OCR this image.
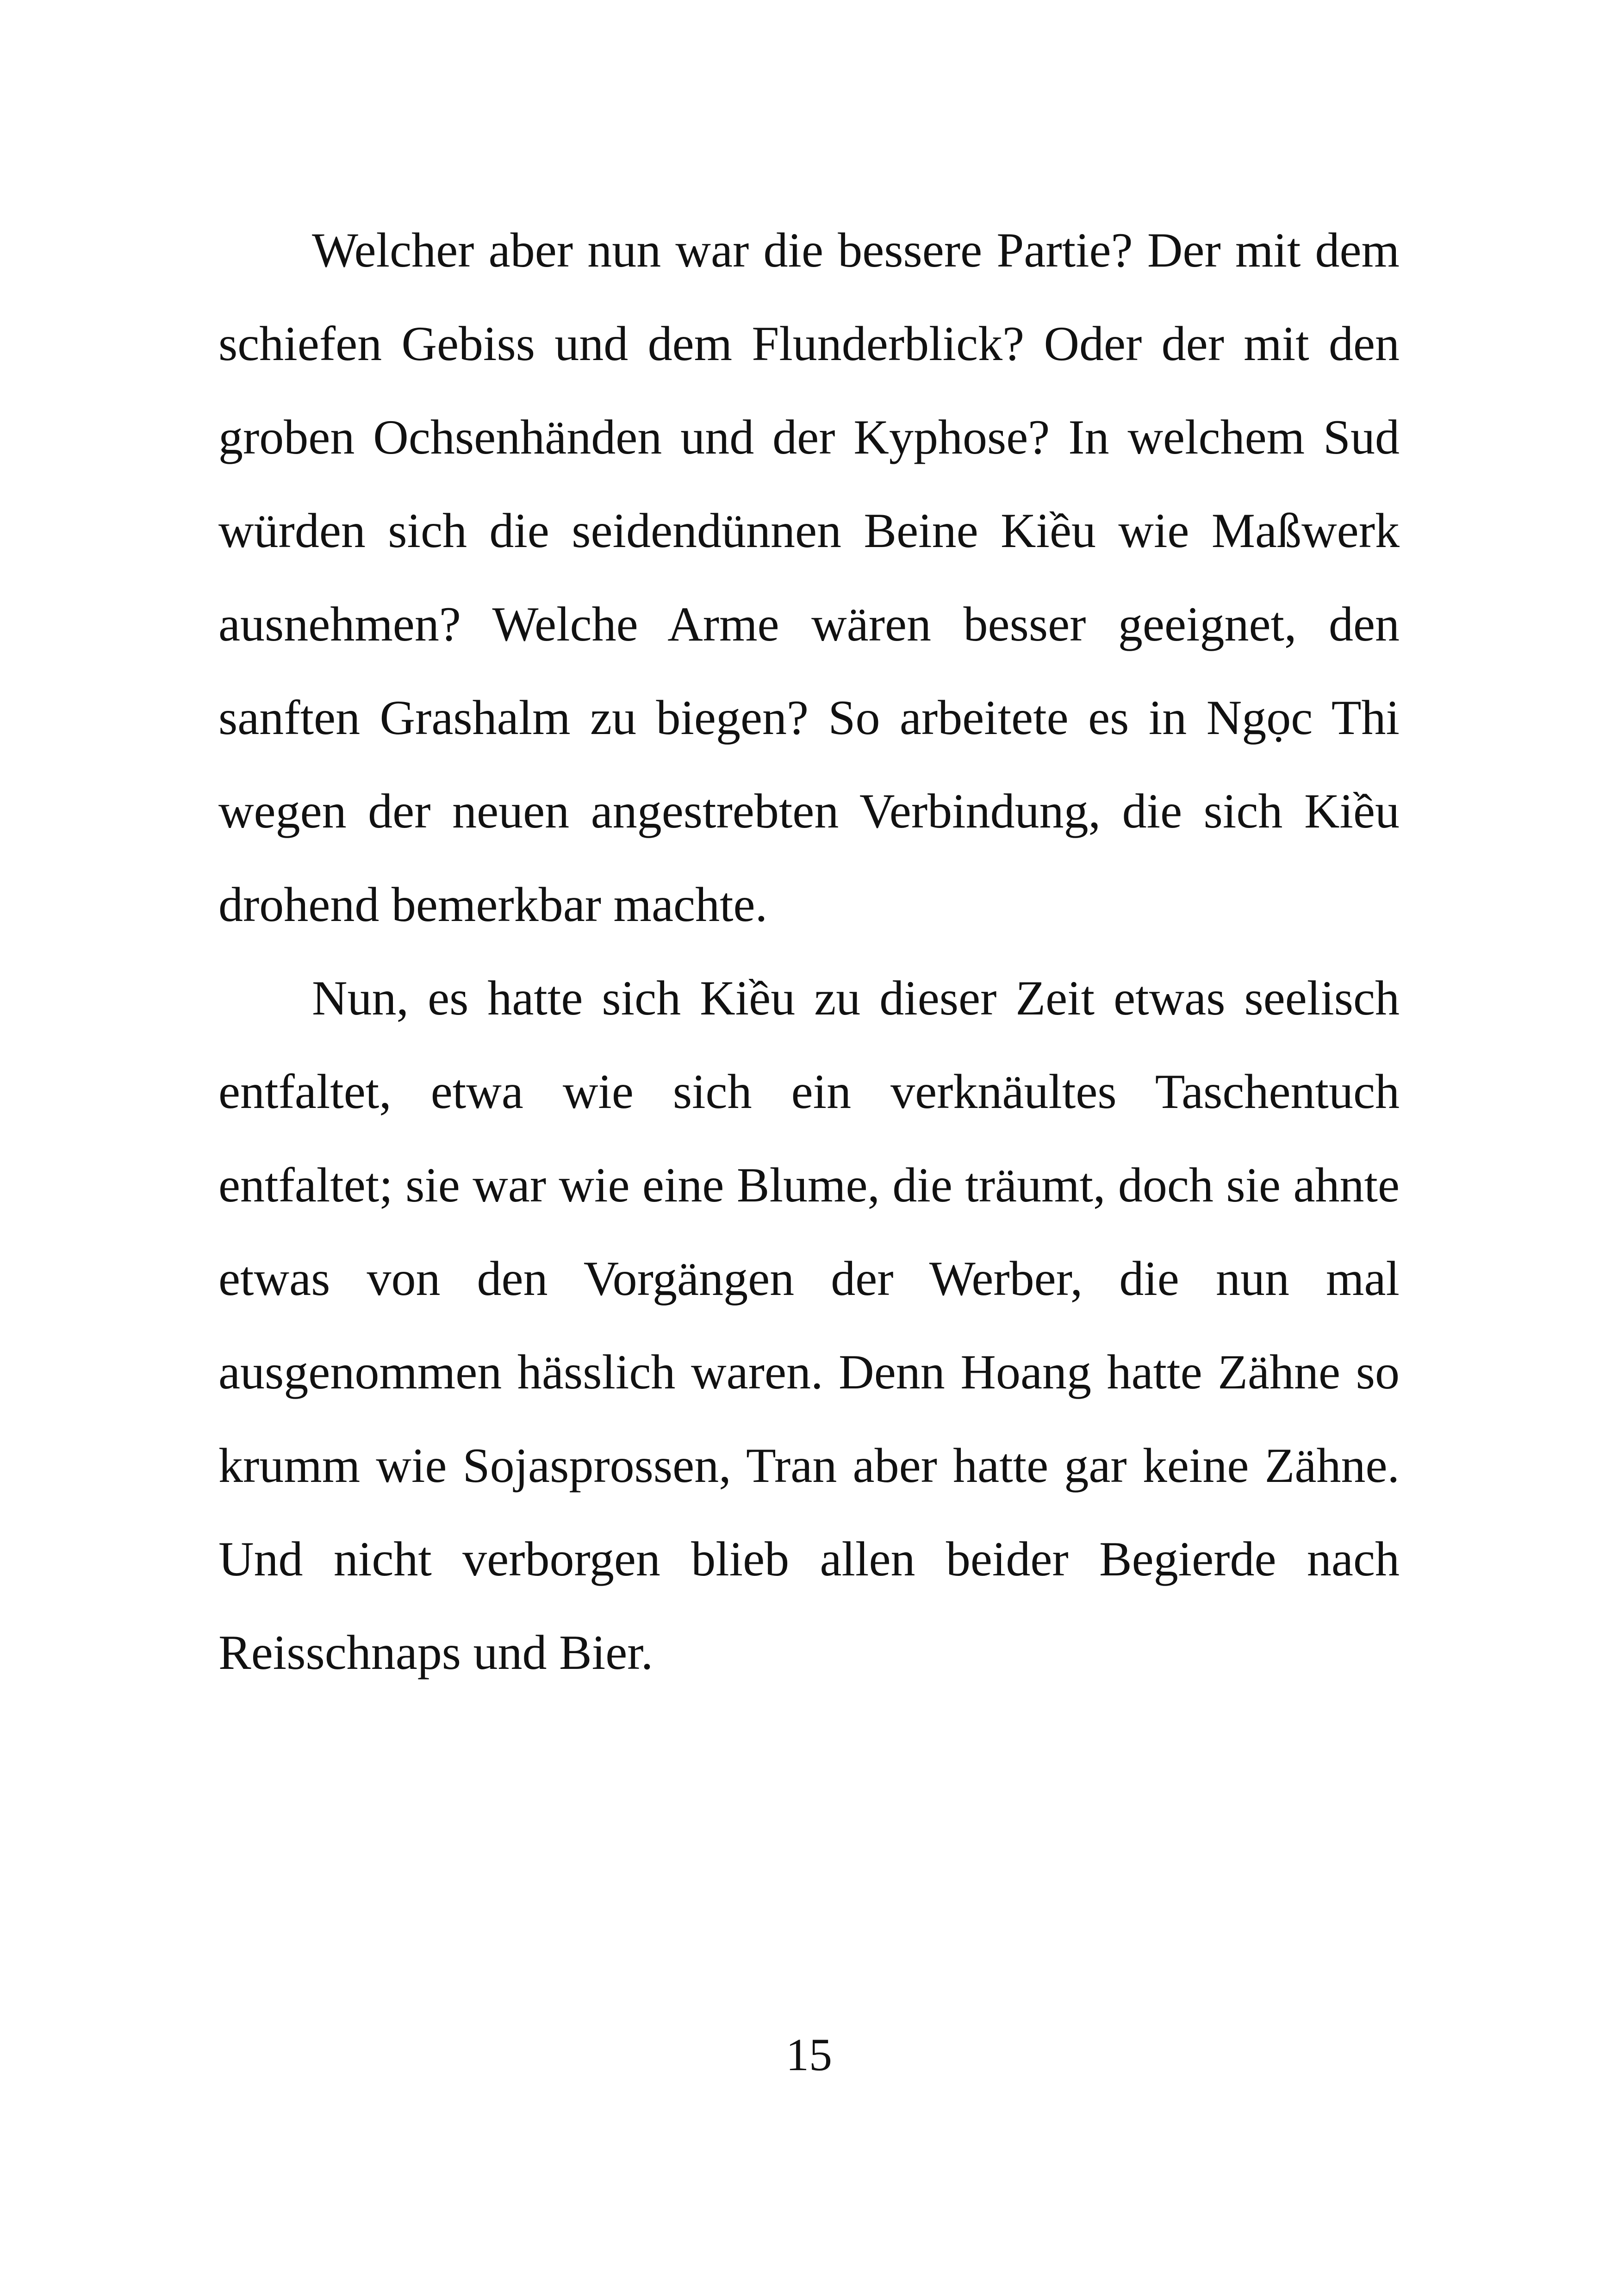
Welcher aber nun war die bessere Partie? Der mit dem schiefen Gebiss und dem Flunderblick? Oder der mit den groben Ochsenhänden und der Kyphose? In welchem Sud würden sich die seidendünnen Beine Kiều wie Maßwerk ausnehmen? Welche Arme wären besser geeignet, den sanften Grashalm zu biegen? So arbeitete es in Ngọc Thi wegen der neuen angestrebten Verbindung, die sich Kiều drohend bemerkbar machte.

Nun, es hatte sich Kiều zu dieser Zeit etwas seelisch entfaltet, etwa wie sich ein verknäultes Taschentuch entfaltet; sie war wie eine Blume, die träumt, doch sie ahnte etwas von den Vorgängen der Werber, die nun mal ausgenommen hässlich waren. Denn Hoang hatte Zähne so krumm wie Sojasprossen, Tran aber hatte gar keine Zähne. Und nicht verborgen blieb allen beider Begierde nach Reisschnaps und Bier.

15
